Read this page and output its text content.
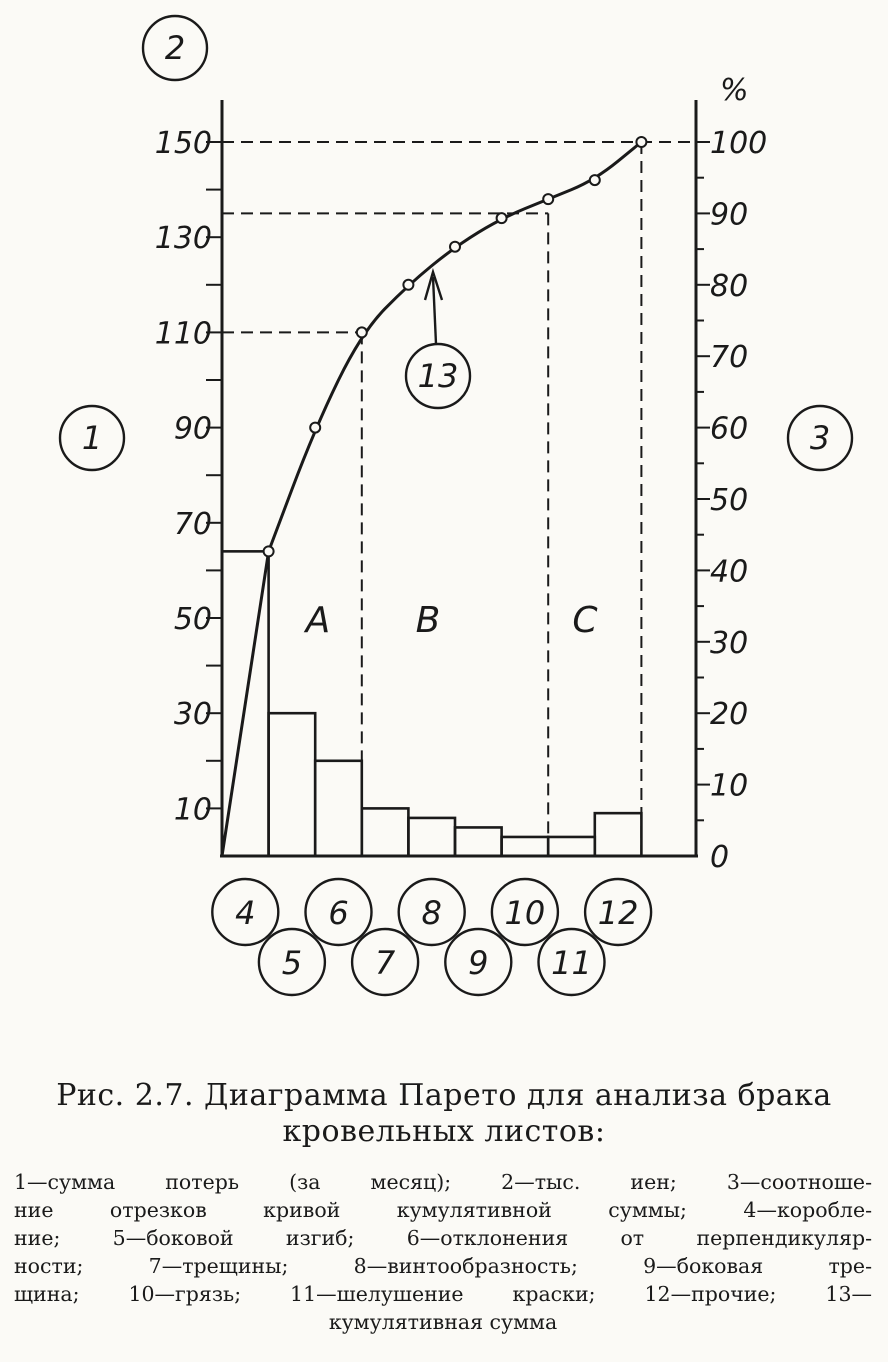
10
30
50
70
90
110
130
150
0
10
20
30
40
50
60
70
80
90
100
%
A B	C
2
1	3
13
4
5
6
7
8
9
10
11
12
Рис. 2.7. Диаграмма Парето для анализа брака
кровельных листов:
1—сумма потерь (за месяц); 2—тыс. иен; 3—соотноше-
ние отрезков кривой кумулятивной суммы; 4—коробле-
ние; 5—боковой изгиб; 6—отклонения от перпендикуляр-
ности; 7—трещины; 8—винтообразность; 9—боковая тре-
щина; 10—грязь; 11—шелушение краски; 12—прочие; 13—
кумулятивная сумма
